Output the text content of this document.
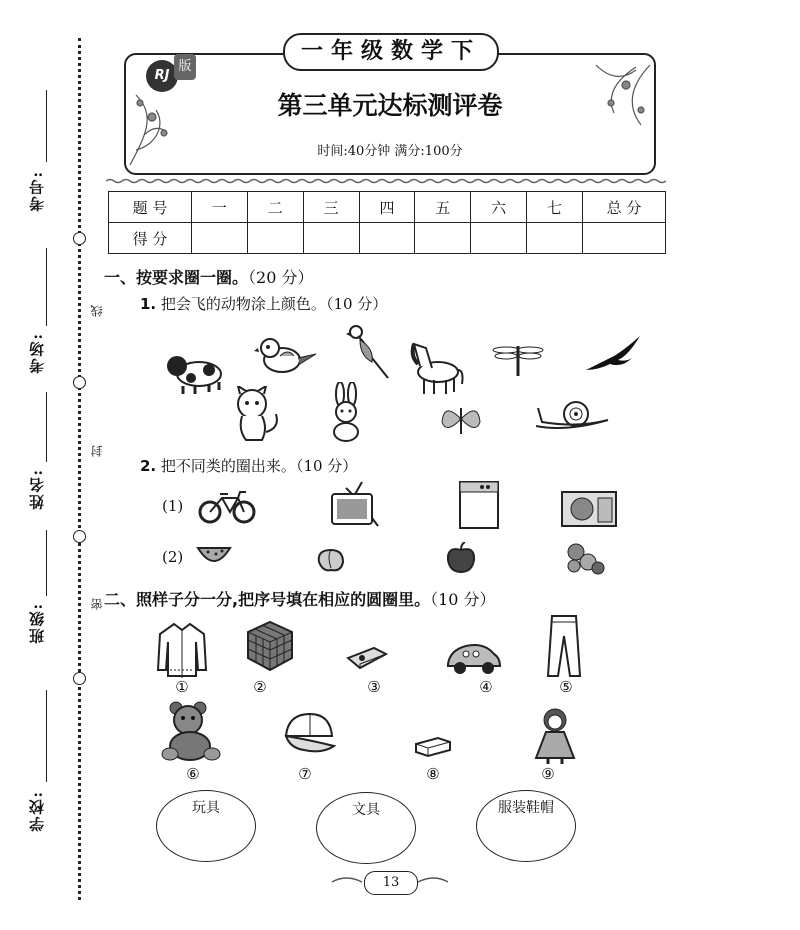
考号:
考场:
姓名:
班级:
学校:
线
封
密
一年级数学下
RJ
版
第三单元达标测评卷
时间:40分钟 满分:100分
题 号	一	二	三	四	五	六	七	总 分
得 分								
一、按要求圈一圈。（20 分）
1. 把会飞的动物涂上颜色。（10 分）
2. 把不同类的圈出来。（10 分）
(1)
(2)
二、照样子分一分,把序号填在相应的圆圈里。（10 分）
①	②	③	④	⑤
⑥	⑦	⑧	⑨
玩具	文具	服装鞋帽
13
